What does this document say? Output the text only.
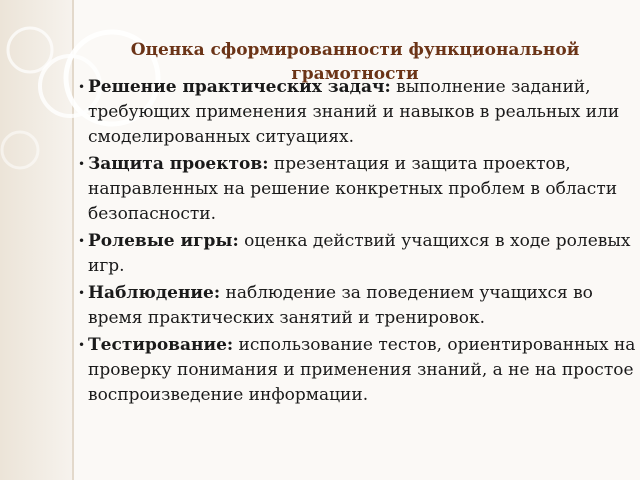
Оценка сформированности функциональной грамотности
• Решение практических задач: выполнение заданий, требующих применения знаний и навыков в реальных или смоделированных ситуациях.
• Защита проектов: презентация и защита проектов, направленных на решение конкретных проблем в области безопасности.
• Ролевые игры: оценка действий учащихся в ходе ролевых игр.
• Наблюдение: наблюдение за поведением учащихся во время практических занятий и тренировок.
• Тестирование: использование тестов, ориентированных на проверку понимания и применения знаний, а не на простое воспроизведение информации.
